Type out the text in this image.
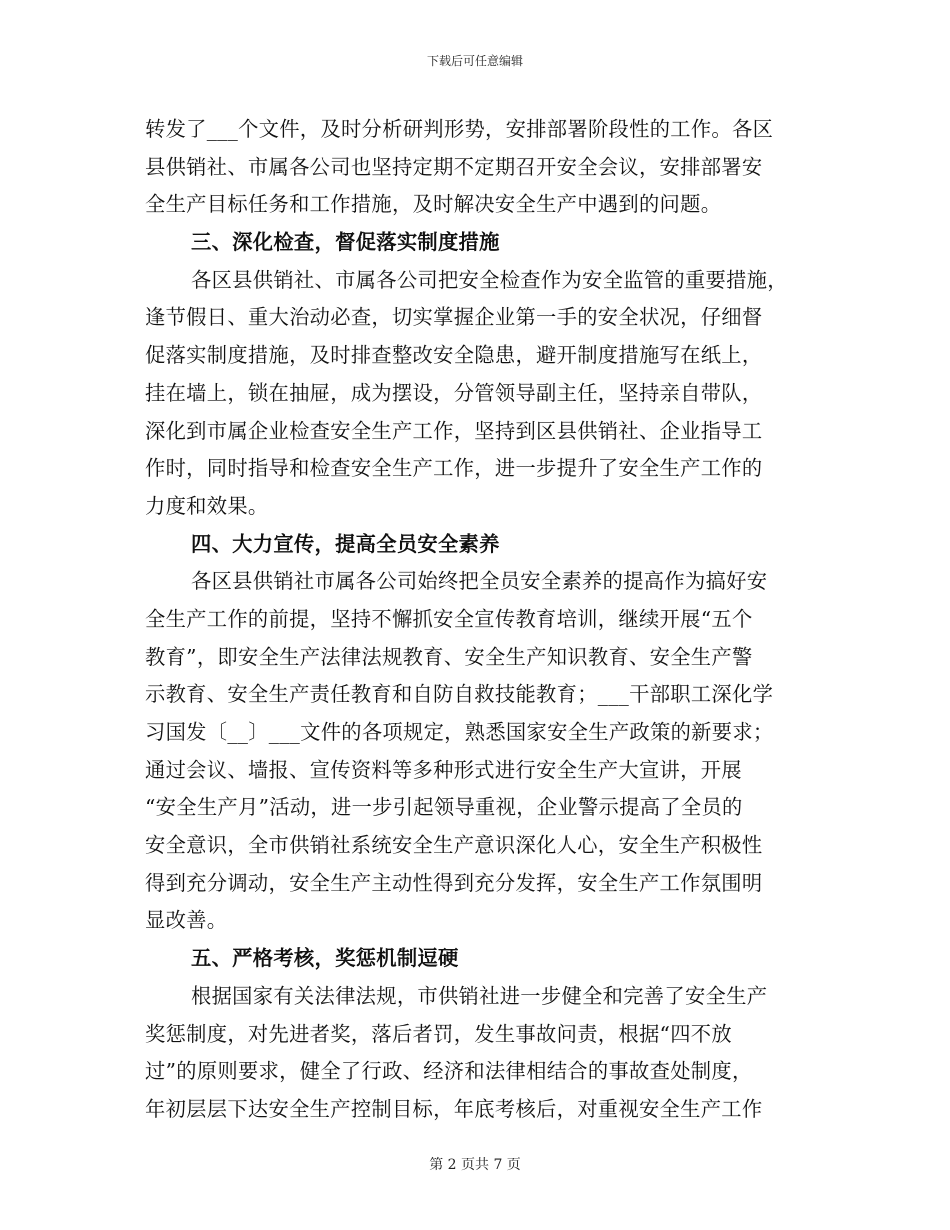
下载后可任意编辑
转发了___个文件，及时分析研判形势，安排部署阶段性的工作。各区
县供销社、市属各公司也坚持定期不定期召开安全会议，安排部署安
全生产目标任务和工作措施，及时解决安全生产中遇到的问题。
三、深化检查，督促落实制度措施
各区县供销社、市属各公司把安全检查作为安全监管的重要措施，
逢节假日、重大治动必查，切实掌握企业第一手的安全状况，仔细督
促落实制度措施，及时排查整改安全隐患，避开制度措施写在纸上，
挂在墙上，锁在抽屉，成为摆设，分管领导副主任，坚持亲自带队，
深化到市属企业检查安全生产工作，坚持到区县供销社、企业指导工
作时，同时指导和检查安全生产工作，进一步提升了安全生产工作的
力度和效果。
四、大力宣传，提高全员安全素养
各区县供销社市属各公司始终把全员安全素养的提高作为搞好安
全生产工作的前提，坚持不懈抓安全宣传教育培训，继续开展“五个
教育”，即安全生产法律法规教育、安全生产知识教育、安全生产警
示教育、安全生产责任教育和自防自救技能教育；___干部职工深化学
习国发〔__〕___文件的各项规定，熟悉国家安全生产政策的新要求；
通过会议、墙报、宣传资料等多种形式进行安全生产大宣讲，开展
“安全生产月”活动，进一步引起领导重视，企业警示提高了全员的
安全意识，全市供销社系统安全生产意识深化人心，安全生产积极性
得到充分调动，安全生产主动性得到充分发挥，安全生产工作氛围明
显改善。
五、严格考核，奖惩机制逗硬
根据国家有关法律法规，市供销社进一步健全和完善了安全生产
奖惩制度，对先进者奖，落后者罚，发生事故问责，根据“四不放
过”的原则要求，健全了行政、经济和法律相结合的事故查处制度，
年初层层下达安全生产控制目标，年底考核后，对重视安全生产工作
第 2 页共 7 页
